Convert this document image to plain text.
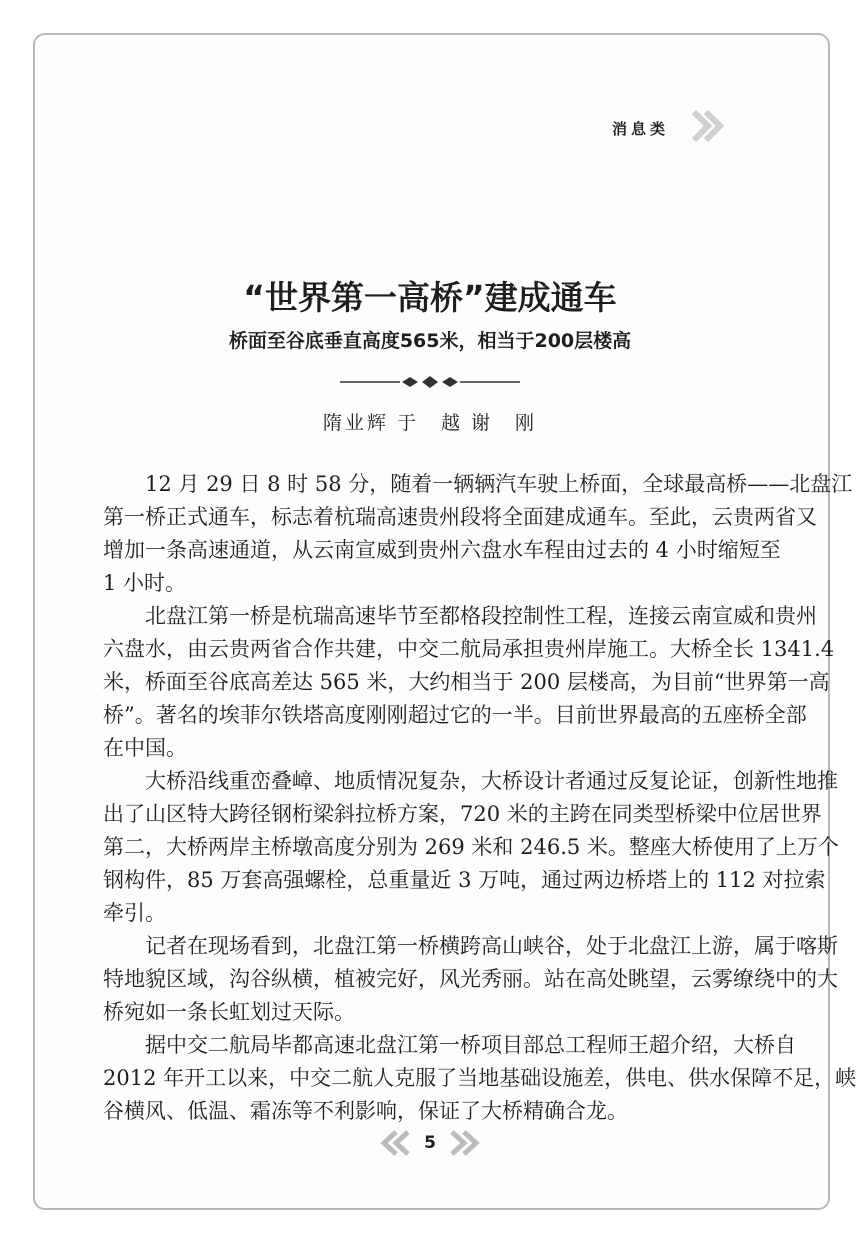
消息类
“世界第一高桥”建成通车
桥面至谷底垂直高度565米，相当于200层楼高
隋业辉 于　越 谢　刚
12 月 29 日 8 时 58 分，随着一辆辆汽车驶上桥面，全球最高桥——北盘江
第一桥正式通车，标志着杭瑞高速贵州段将全面建成通车。至此，云贵两省又
增加一条高速通道，从云南宣威到贵州六盘水车程由过去的 4 小时缩短至
1 小时。
北盘江第一桥是杭瑞高速毕节至都格段控制性工程，连接云南宣威和贵州
六盘水，由云贵两省合作共建，中交二航局承担贵州岸施工。大桥全长 1341.4
米，桥面至谷底高差达 565 米，大约相当于 200 层楼高，为目前“世界第一高
桥”。著名的埃菲尔铁塔高度刚刚超过它的一半。目前世界最高的五座桥全部
在中国。
大桥沿线重峦叠嶂、地质情况复杂，大桥设计者通过反复论证，创新性地推
出了山区特大跨径钢桁梁斜拉桥方案，720 米的主跨在同类型桥梁中位居世界
第二，大桥两岸主桥墩高度分别为 269 米和 246.5 米。整座大桥使用了上万个
钢构件，85 万套高强螺栓，总重量近 3 万吨，通过两边桥塔上的 112 对拉索
牵引。
记者在现场看到，北盘江第一桥横跨高山峡谷，处于北盘江上游，属于喀斯
特地貌区域，沟谷纵横，植被完好，风光秀丽。站在高处眺望，云雾缭绕中的大
桥宛如一条长虹划过天际。
据中交二航局毕都高速北盘江第一桥项目部总工程师王超介绍，大桥自
2012 年开工以来，中交二航人克服了当地基础设施差，供电、供水保障不足，峡
谷横风、低温、霜冻等不利影响，保证了大桥精确合龙。
5
